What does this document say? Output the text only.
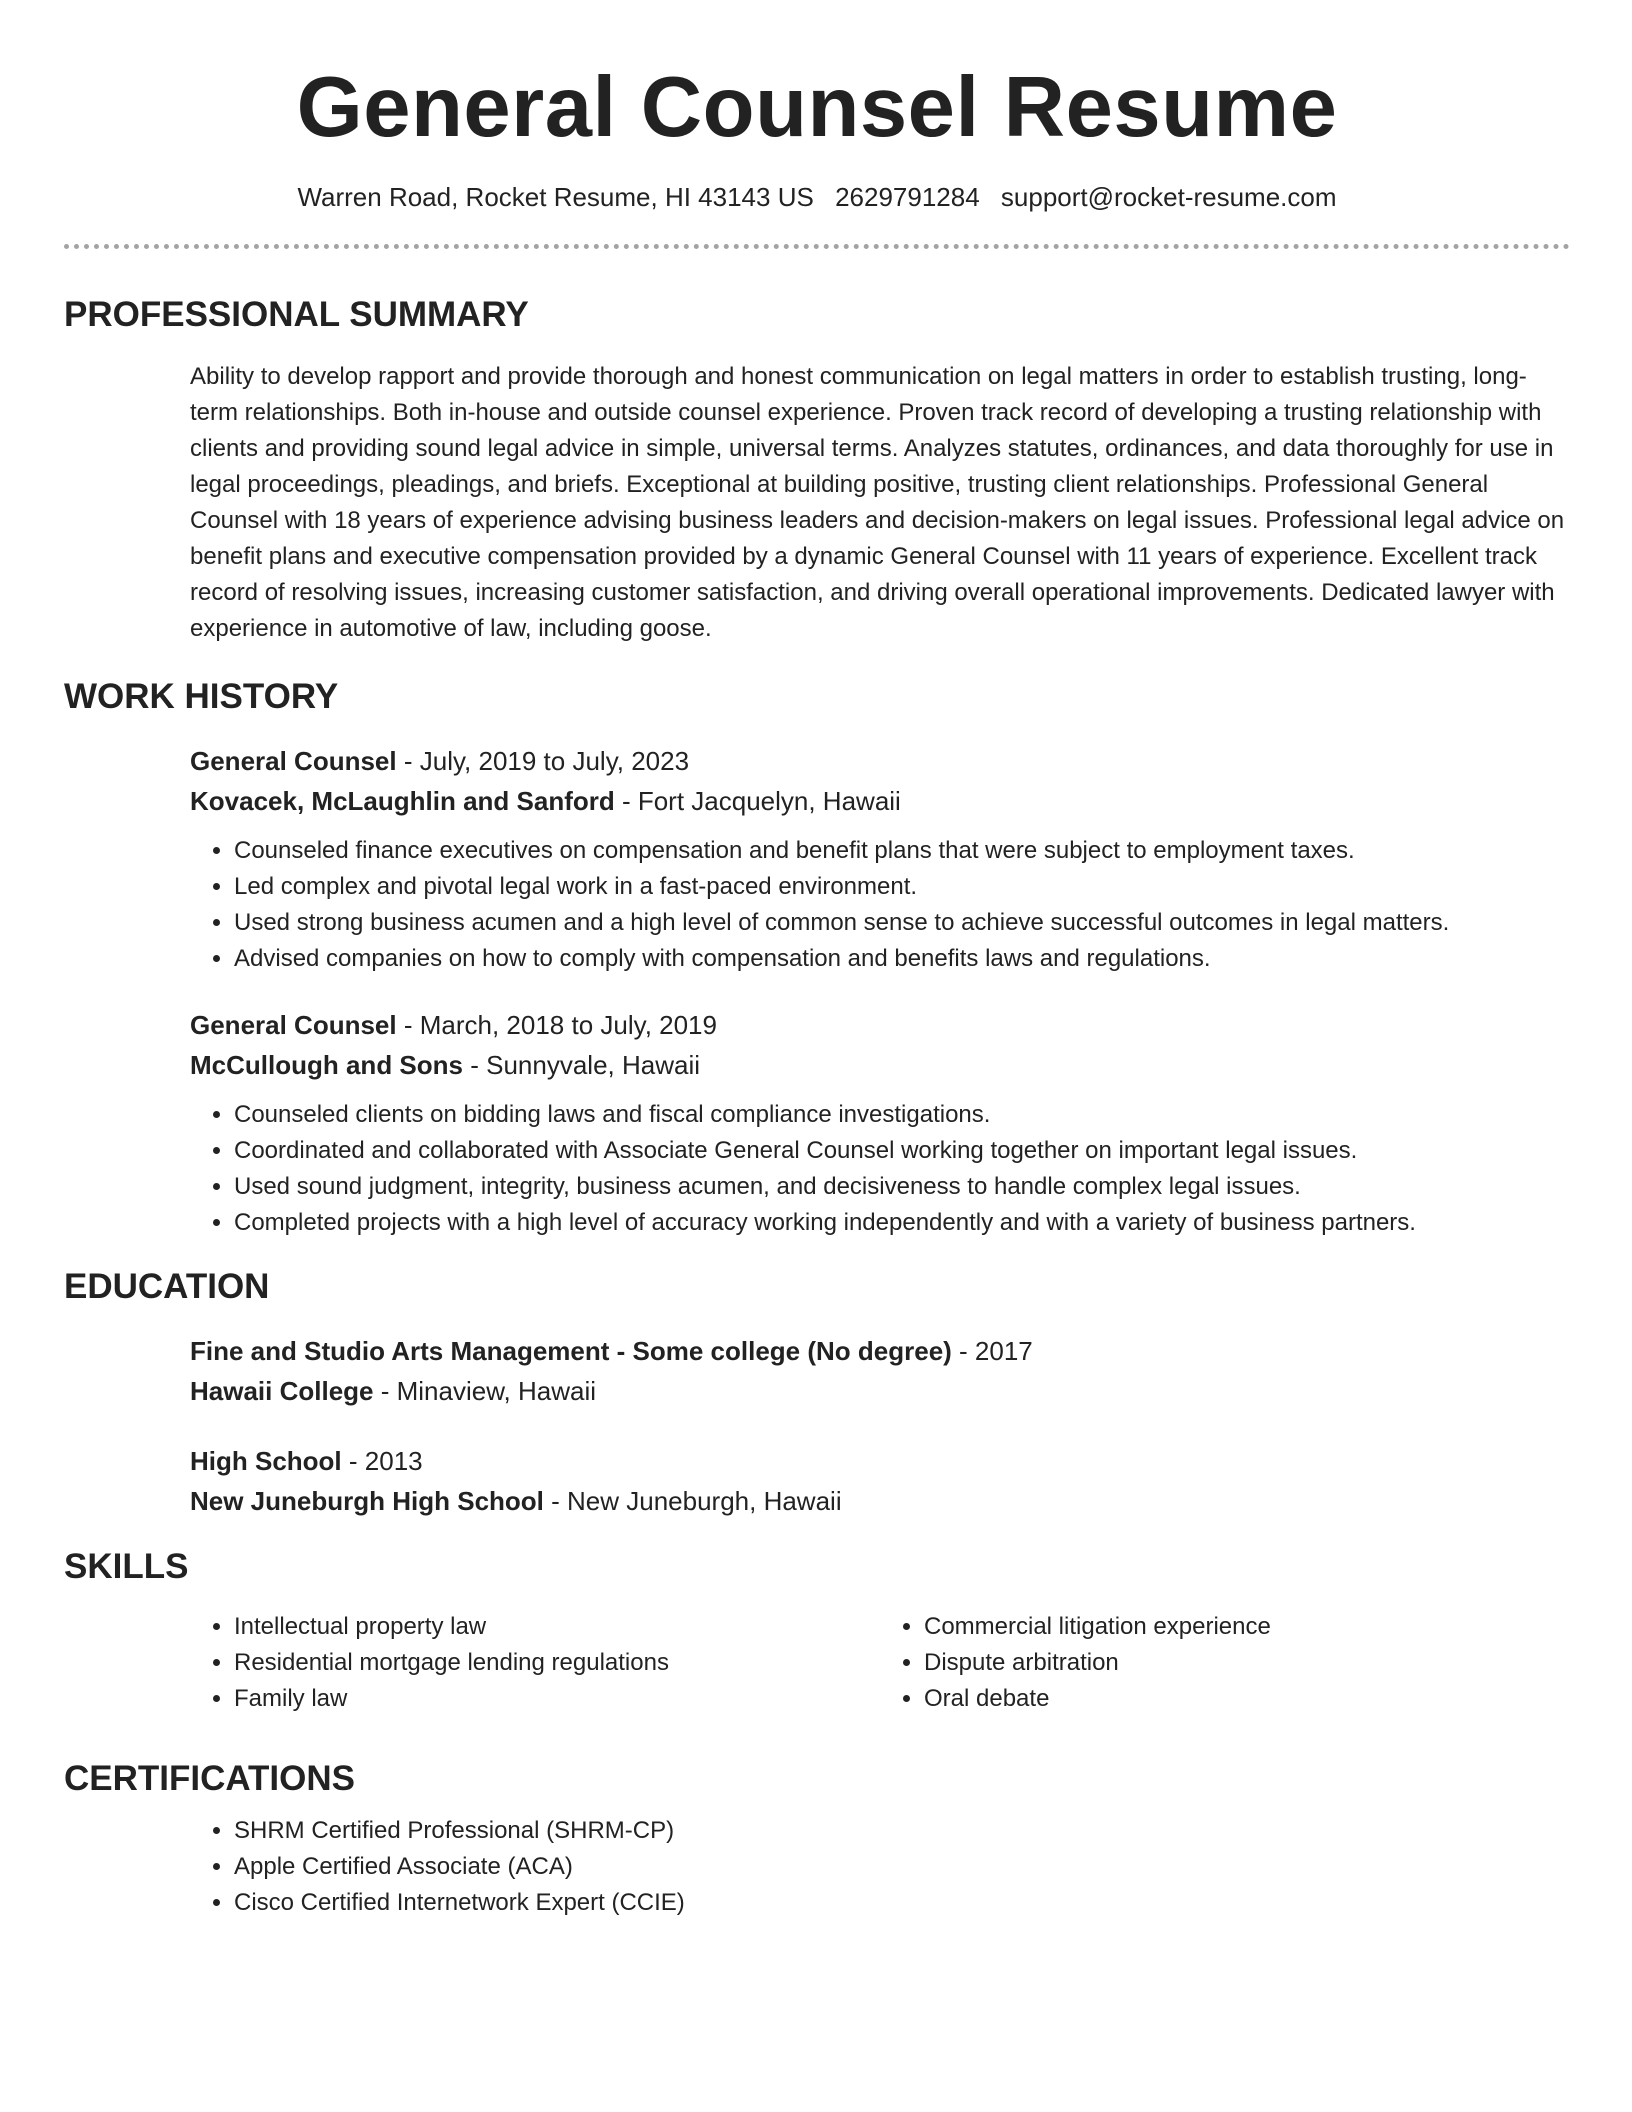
General Counsel Resume
Warren Road, Rocket Resume, HI 43143 US 2629791284 support@rocket-resume.com
PROFESSIONAL SUMMARY
Ability to develop rapport and provide thorough and honest communication on legal matters in order to establish trusting, long-term relationships. Both in-house and outside counsel experience. Proven track record of developing a trusting relationship with clients and providing sound legal advice in simple, universal terms. Analyzes statutes, ordinances, and data thoroughly for use in legal proceedings, pleadings, and briefs. Exceptional at building positive, trusting client relationships. Professional General Counsel with 18 years of experience advising business leaders and decision-makers on legal issues. Professional legal advice on benefit plans and executive compensation provided by a dynamic General Counsel with 11 years of experience. Excellent track record of resolving issues, increasing customer satisfaction, and driving overall operational improvements. Dedicated lawyer with experience in automotive of law, including goose.
WORK HISTORY
General Counsel - July, 2019 to July, 2023
Kovacek, McLaughlin and Sanford - Fort Jacquelyn, Hawaii
• Counseled finance executives on compensation and benefit plans that were subject to employment taxes.
• Led complex and pivotal legal work in a fast-paced environment.
• Used strong business acumen and a high level of common sense to achieve successful outcomes in legal matters.
• Advised companies on how to comply with compensation and benefits laws and regulations.
General Counsel - March, 2018 to July, 2019
McCullough and Sons - Sunnyvale, Hawaii
• Counseled clients on bidding laws and fiscal compliance investigations.
• Coordinated and collaborated with Associate General Counsel working together on important legal issues.
• Used sound judgment, integrity, business acumen, and decisiveness to handle complex legal issues.
• Completed projects with a high level of accuracy working independently and with a variety of business partners.
EDUCATION
Fine and Studio Arts Management - Some college (No degree) - 2017
Hawaii College - Minaview, Hawaii
High School - 2013
New Juneburgh High School - New Juneburgh, Hawaii
SKILLS
• Intellectual property law
• Residential mortgage lending regulations
• Family law
• Commercial litigation experience
• Dispute arbitration
• Oral debate
CERTIFICATIONS
• SHRM Certified Professional (SHRM-CP)
• Apple Certified Associate (ACA)
• Cisco Certified Internetwork Expert (CCIE)
